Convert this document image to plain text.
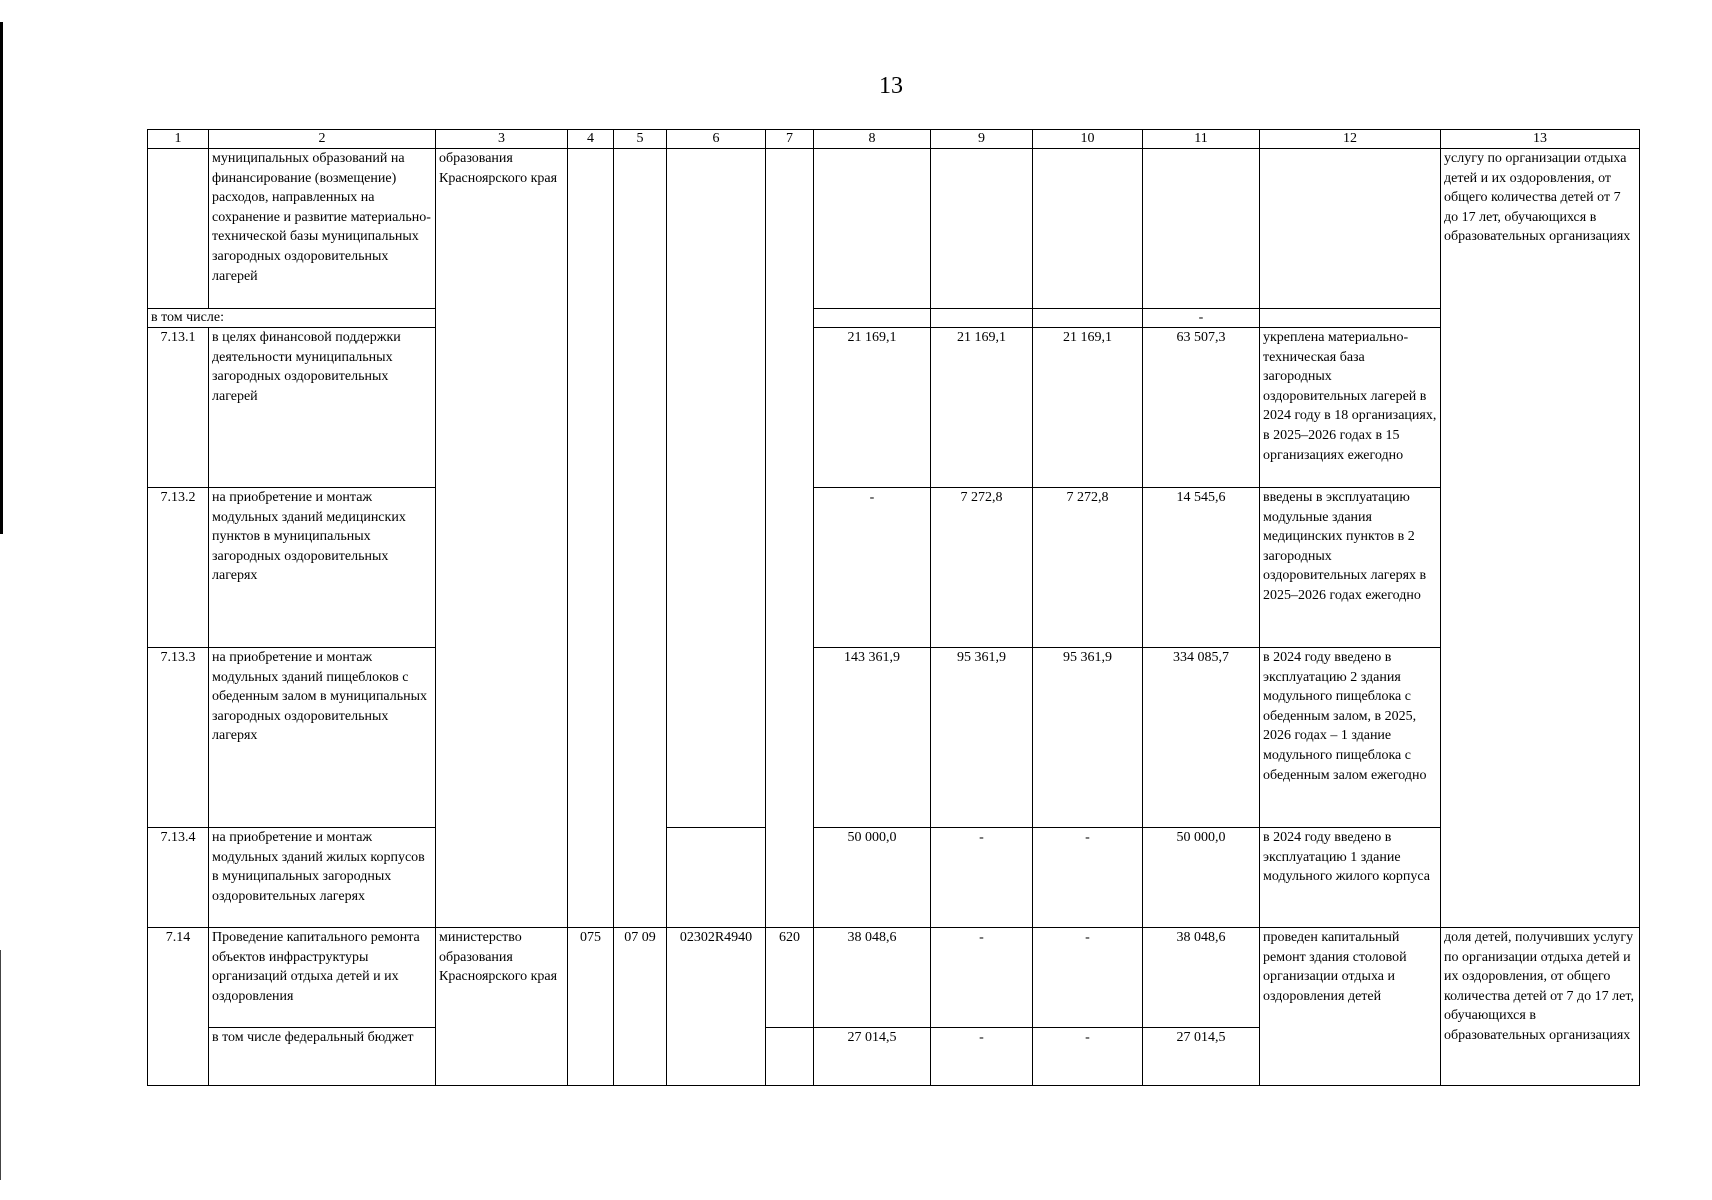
13
1	2	3	4	5	6	7	8	9	10	11	12	13
	муниципальных образований на финансирование (возмещение) расходов, направленных на сохранение и развитие материально-технической базы муниципальных загородных оздоровительных лагерей	образования Красноярского края										услугу по организации отдыха детей и их оздоровления, от общего количества детей от 7 до 17 лет, обучающихся в образовательных организациях
в том числе:										-		
7.13.1	в целях финансовой поддержки деятельности муниципальных загородных оздоровительных лагерей						21 169,1	21 169,1	21 169,1	63 507,3	укреплена материально-техническая база загородных оздоровительных лагерей в 2024 году в 18 организациях, в 2025–2026 годах в 15 организациях ежегодно	
7.13.2	на приобретение и монтаж модульных зданий медицинских пунктов в муниципальных загородных оздоровительных лагерях						-	7 272,8	7 272,8	14 545,6	введены в эксплуатацию модульные здания медицинских пунктов в 2 загородных оздоровительных лагерях в 2025–2026 годах ежегодно	
7.13.3	на приобретение и монтаж модульных зданий пищеблоков с обеденным залом в муниципальных загородных оздоровительных лагерях						143 361,9	95 361,9	95 361,9	334 085,7	в 2024 году введено в эксплуатацию 2 здания модульного пищеблока с обеденным залом, в 2025, 2026 годах – 1 здание модульного пищеблока с обеденным залом ежегодно	
7.13.4	на приобретение и монтаж модульных зданий жилых корпусов в муниципальных загородных оздоровительных лагерях						50 000,0	-	-	50 000,0	в 2024 году введено в эксплуатацию 1 здание модульного жилого корпуса	
7.14	Проведение капитального ремонта объектов инфраструктуры организаций отдыха детей и их оздоровления	министерство образования Красноярского края	075	07 09	02302R4940	620	38 048,6	-	-	38 048,6	проведен капитальный ремонт здания столовой организации отдыха и оздоровления детей	доля детей, получивших услугу по организации отдыха детей и их оздоровления, от общего количества детей от 7 до 17 лет, обучающихся в образовательных организациях
	в том числе федеральный бюджет						27 014,5	-	-	27 014,5		
